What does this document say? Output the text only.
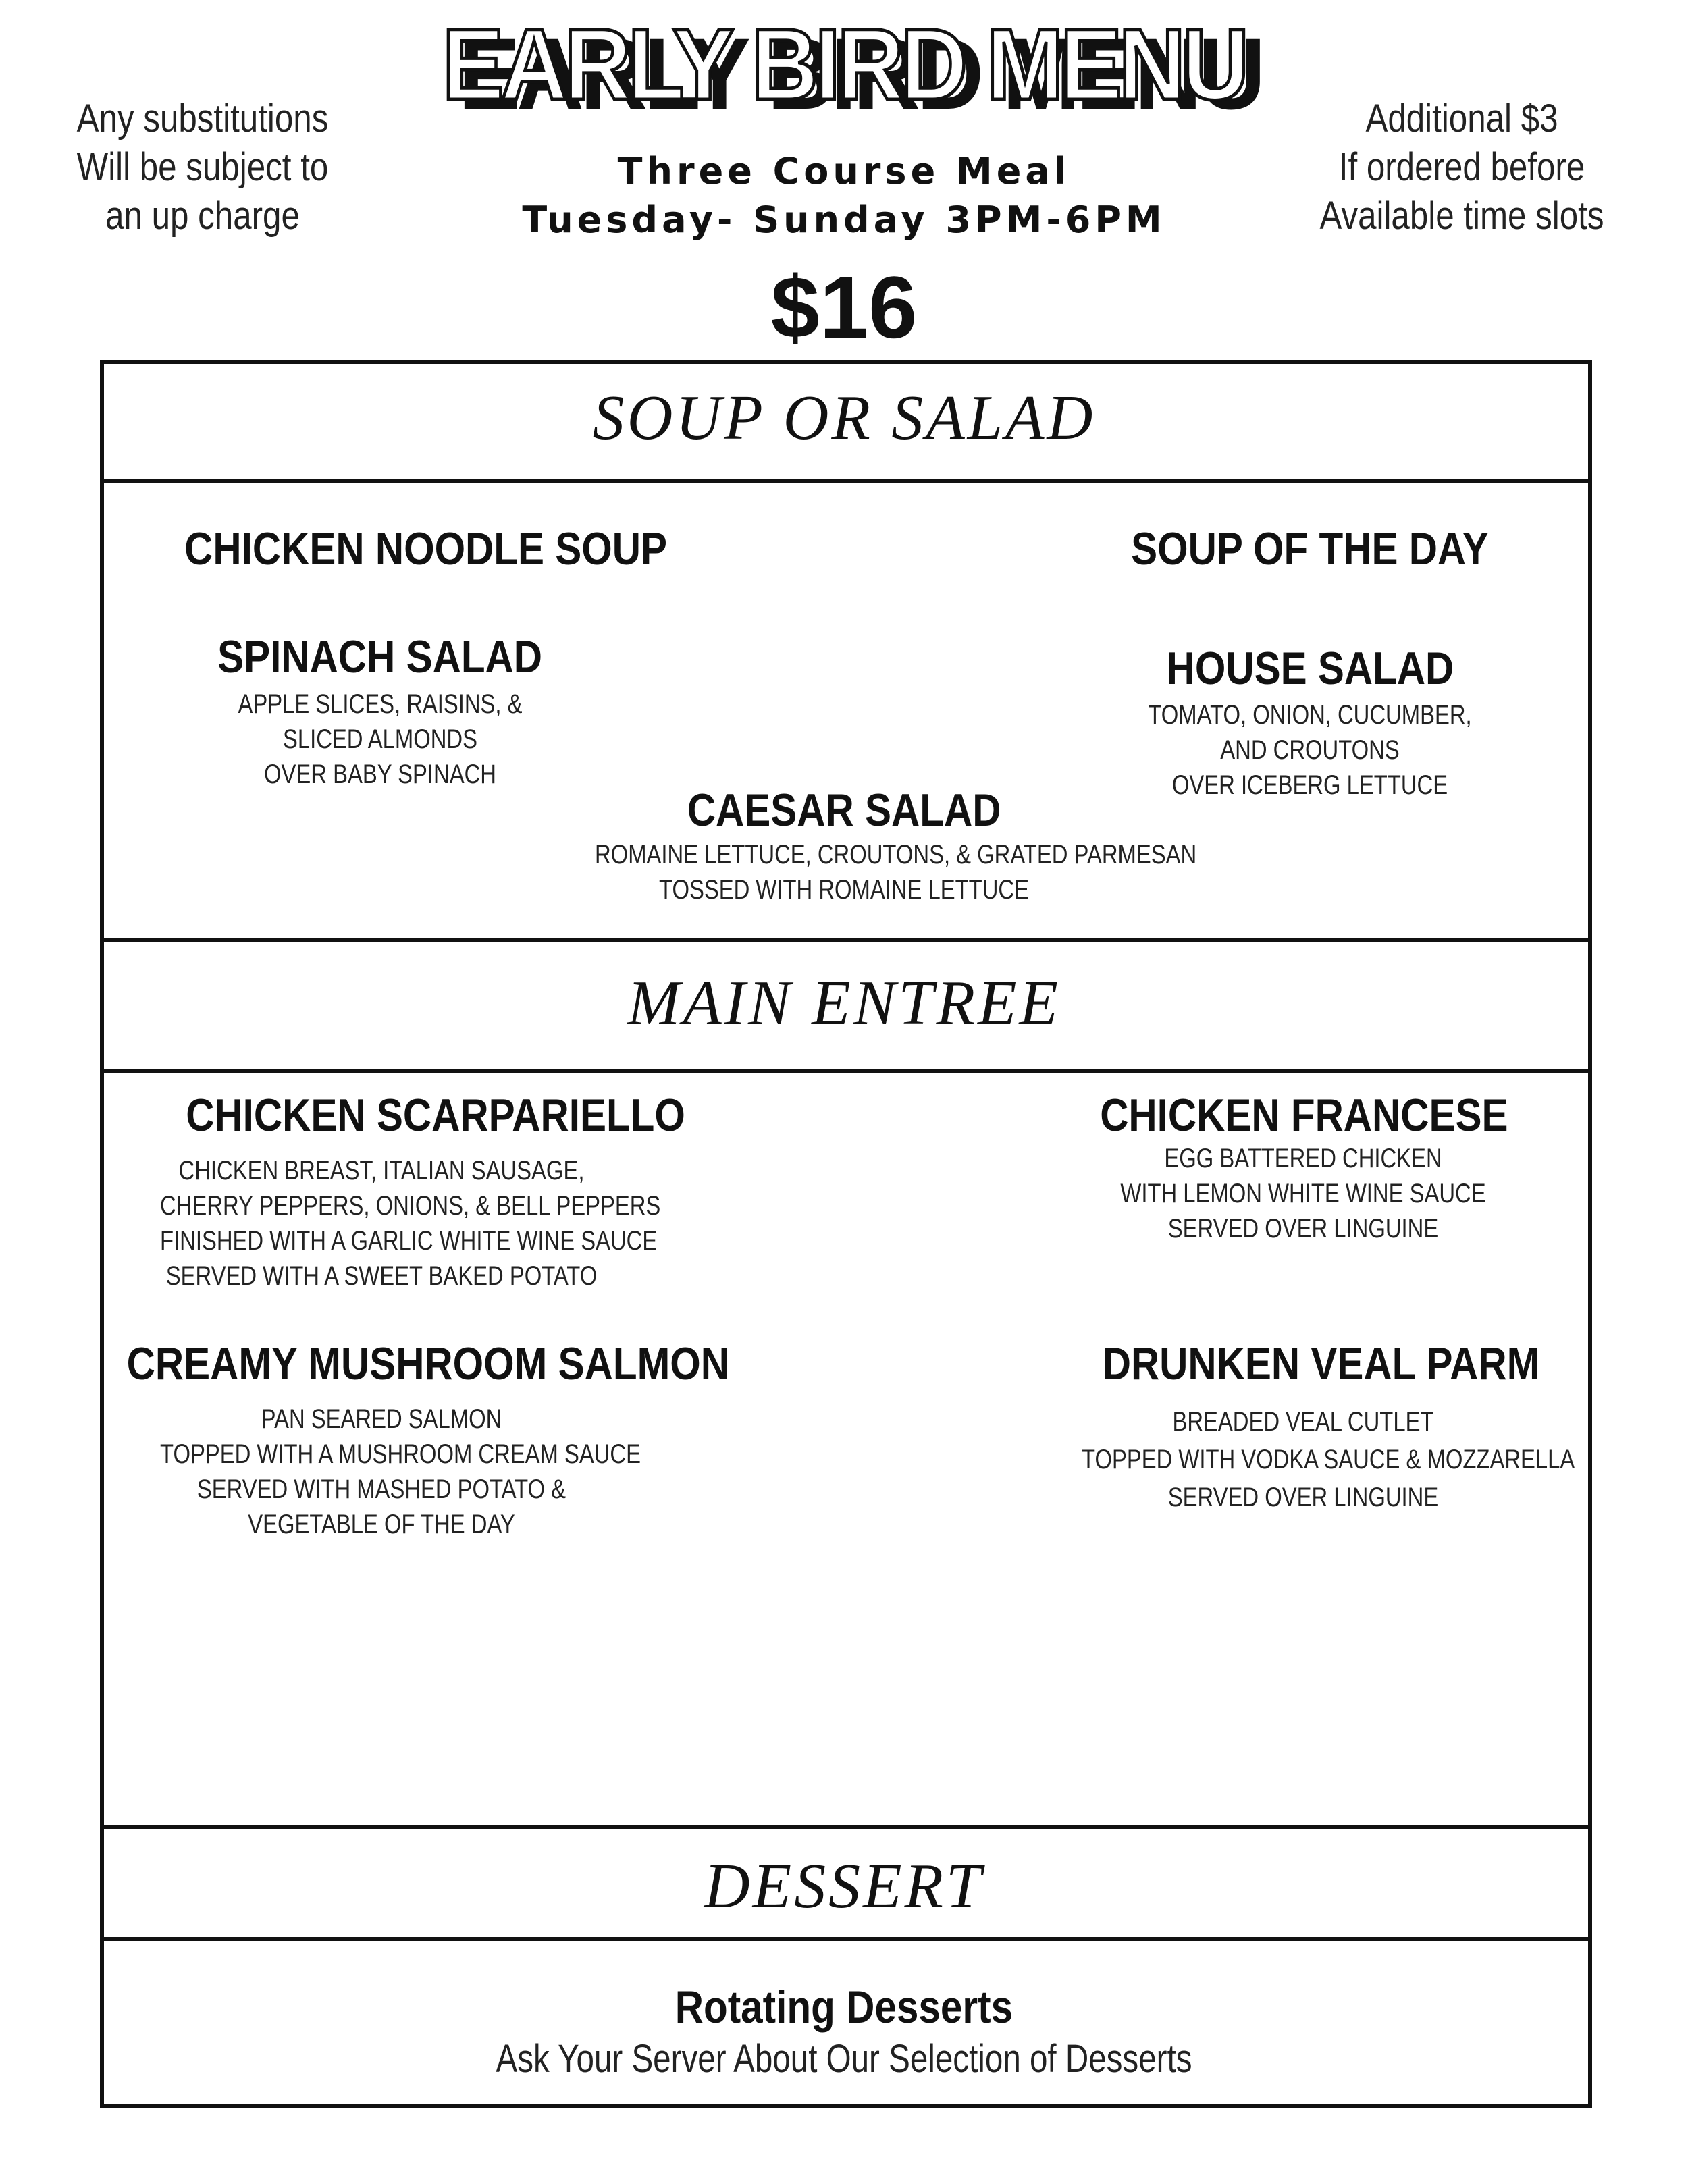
EARLY BIRD MENU
Any substitutions
Will be subject to
an up charge
Additional $3
If ordered before
Available time slots
Three Course Meal
Tuesday- Sunday 3PM-6PM
$16
SOUP OR SALAD
CHICKEN NOODLE SOUP	SOUP OF THE DAY
SPINACH SALAD
APPLE SLICES, RAISINS, &
SLICED ALMONDS
OVER BABY SPINACH
HOUSE SALAD
TOMATO, ONION, CUCUMBER,
AND CROUTONS
OVER ICEBERG LETTUCE
CAESAR SALAD
ROMAINE LETTUCE, CROUTONS, & GRATED PARMESAN
TOSSED WITH ROMAINE LETTUCE
MAIN ENTREE
CHICKEN SCARPARIELLO
CHICKEN BREAST, ITALIAN SAUSAGE,
CHERRY PEPPERS, ONIONS, & BELL PEPPERS
FINISHED WITH A GARLIC WHITE WINE SAUCE
SERVED WITH A SWEET BAKED POTATO
CHICKEN FRANCESE
EGG BATTERED CHICKEN
WITH LEMON WHITE WINE SAUCE
SERVED OVER LINGUINE
CREAMY MUSHROOM SALMON
PAN SEARED SALMON
TOPPED WITH A MUSHROOM CREAM SAUCE
SERVED WITH MASHED POTATO &
VEGETABLE OF THE DAY
DRUNKEN VEAL PARM
BREADED VEAL CUTLET
TOPPED WITH VODKA SAUCE & MOZZARELLA
SERVED OVER LINGUINE
DESSERT
Rotating Desserts
Ask Your Server About Our Selection of Desserts
